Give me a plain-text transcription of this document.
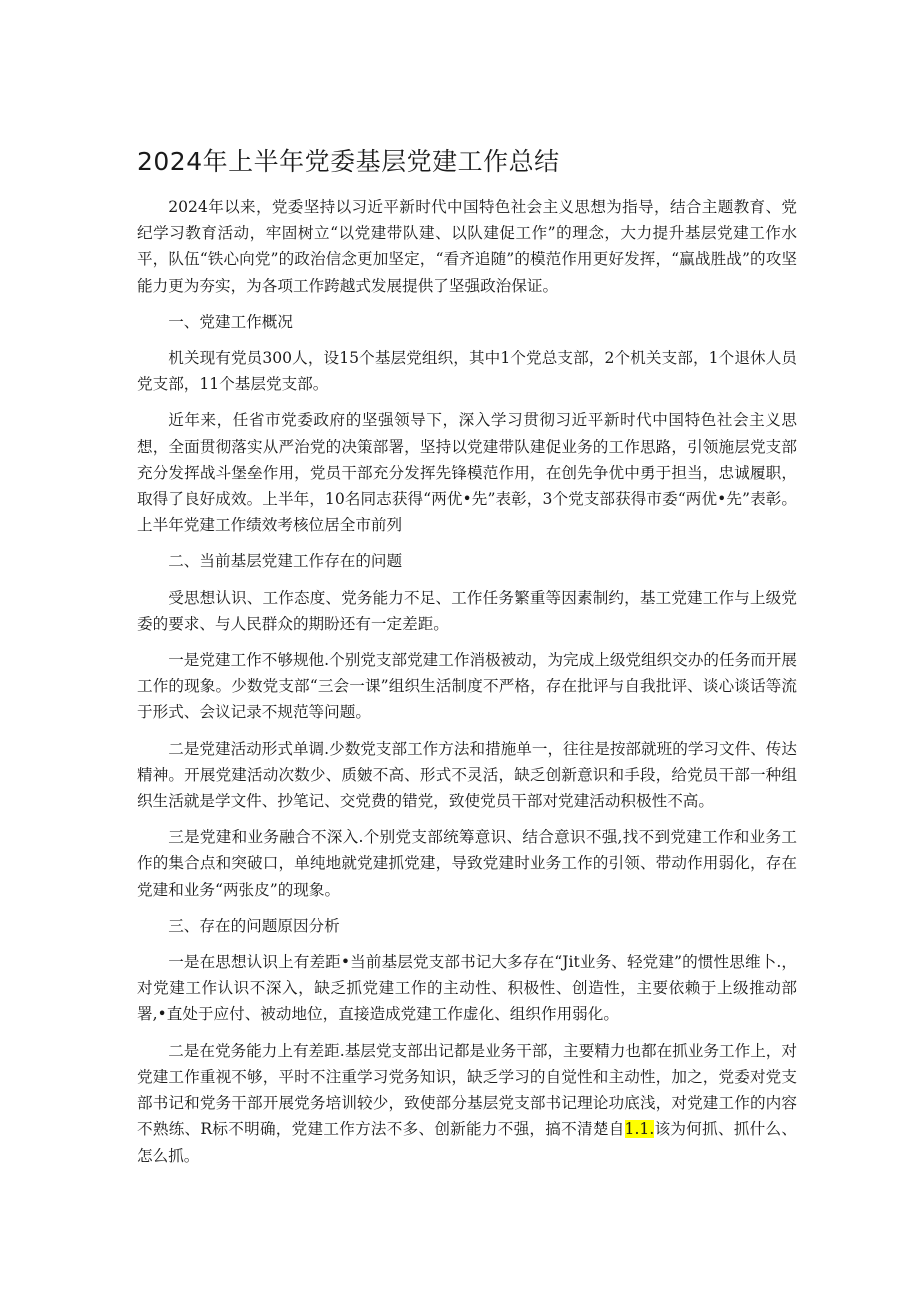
2024年上半年党委基层党建工作总结

2024年以来，党委坚持以习近平新时代中国特色社会主义思想为指导，结合主题教育、党纪学习教育活动，牢固树立“以党建带队建、以队建促工作”的理念，大力提升基层党建工作水平，队伍“铁心向党”的政治信念更加坚定，“看齐追随”的模范作用更好发挥，“赢战胜战”的攻坚能力更为夯实，为各项工作跨越式发展提供了坚强政治保证。

一、党建工作概况

机关现有党员300人，设15个基层党组织，其中1个党总支部，2个机关支部，1个退休人员党支部，11个基层党支部。

近年来，任省市党委政府的坚强领导下，深入学习贯彻习近平新时代中国特色社会主义思想，全面贯彻落实从严治党的决策部署，坚持以党建带队建促业务的工作思路，引领施层党支部充分发挥战斗堡垒作用，党员干部充分发挥先锋模范作用，在创先争优中勇于担当，忠诚履职，取得了良好成效。上半年，10名同志获得“两优•先”表彰，3个党支部获得市委“两优•先”表彰。上半年党建工作绩效考核位居全市前列

二、当前基层党建工作存在的问题

受思想认识、工作态度、党务能力不足、工作任务繁重等因素制约，基工党建工作与上级党委的要求、与人民群众的期盼还有一定差距。

一是党建工作不够规他.个别党支部党建工作消极被动，为完成上级党组织交办的任务而开展工作的现象。少数党支部“三会一课”组织生活制度不严格，存在批评与自我批评、谈心谈话等流于形式、会议记录不规范等问题。

二是党建活动形式单调.少数党支部工作方法和措施单一，往往是按部就班的学习文件、传达精神。开展党建活动次数少、质皴不高、形式不灵活，缺乏创新意识和手段，给党员干部一种组织生活就是学文件、抄笔记、交党费的错党，致使党员干部对党建活动积极性不高。

三是党建和业务融合不深入.个别党支部统筹意识、结合意识不强,找不到党建工作和业务工作的集合点和突破口，单纯地就党建抓党建，导致党建时业务工作的引领、带动作用弱化，存在党建和业务“两张皮”的现象。

三、存在的问题原因分析

一是在思想认识上有差距•当前基层党支部书记大多存在“Jit业务、轻党建”的惯性思维卜.，对党建工作认识不深入，缺乏抓党建工作的主动性、积极性、创造性，主要依赖于上级推动部署,•直处于应付、被动地位，直接造成党建工作虚化、组织作用弱化。

二是在党务能力上有差距.基层党支部出记都是业务干部，主要精力也都在抓业务工作上，对党建工作重视不够，平时不注重学习党务知识，缺乏学习的自觉性和主动性，加之，党委对党支部书记和党务干部开展党务培训较少，致使部分基层党支部书记理论功底浅，对党建工作的内容不熟练、R标不明确，党建工作方法不多、创新能力不强，搞不清楚自1.1.该为何抓、抓什么、怎么抓。
